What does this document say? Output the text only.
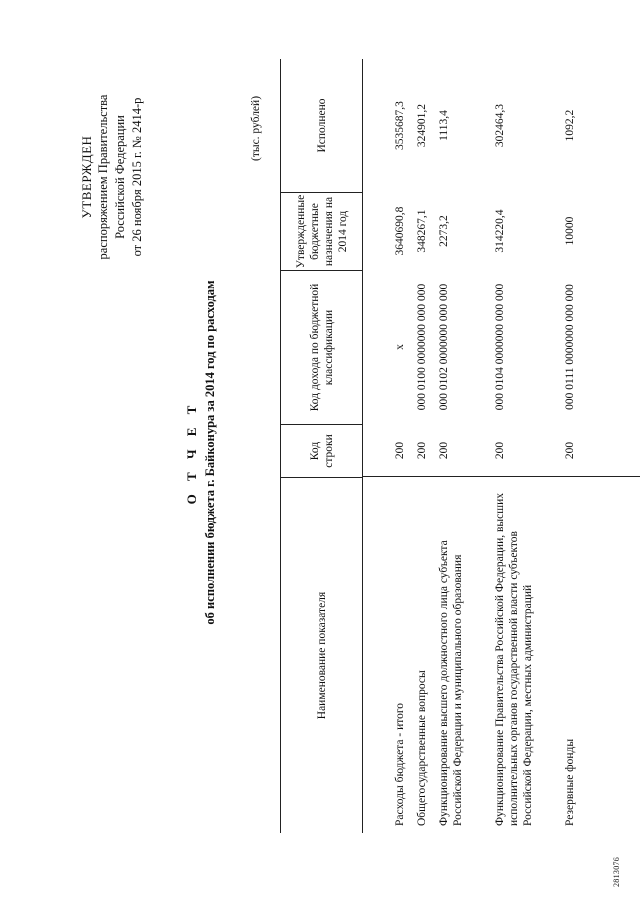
УТВЕРЖДЕН распоряжением Правительства Российской Федерации от 26 ноября 2015 г. № 2414-р
О Т Ч Е Т об исполнении бюджета г. Байконура за 2014 год по расходам
(тыс. рублей)
Наименование показателя
Код строки
Код дохода по бюджетной классификации
Утвержденные бюджетные назначения на 2014 год
Исполнено
Расходы бюджета - итого
200
x
3640690,8
3535687,3
Общегосударственные вопросы
200
000 0100 0000000 000 000
348267,1
324901,2
Функционирование высшего должностного лица субъекта Российской Федерации и муниципального образования
200
000 0102 0000000 000 000
2273,2
1113,4
Функционирование Правительства Российской Федерации, высших исполнительных органов государственной власти субъектов Российской Федерации, местных администраций
200
000 0104 0000000 000 000
314220,4
302464,3
Резервные фонды
200
000 0111 0000000 000 000
10000
1092,2
2813076
